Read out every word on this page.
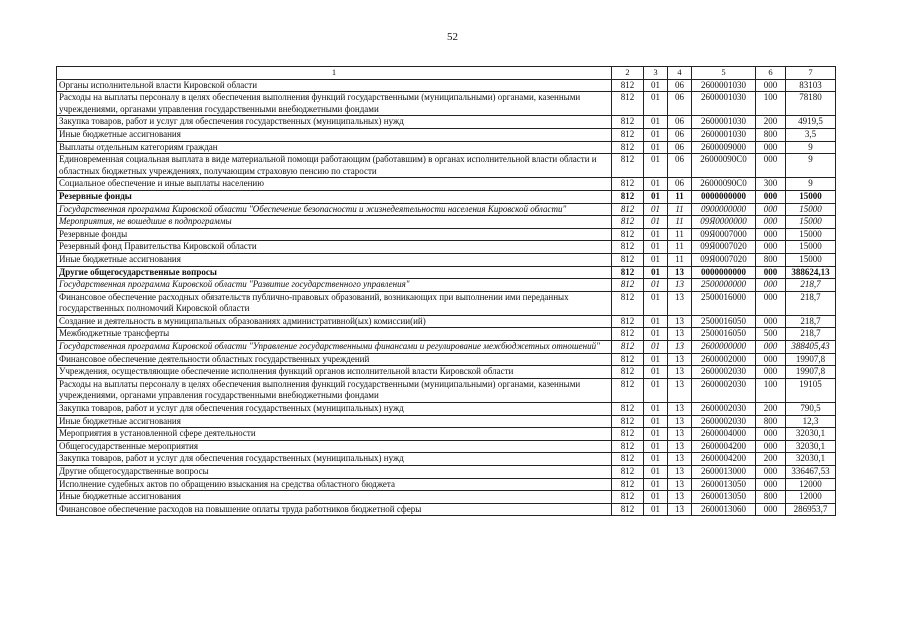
52
1	2	3	4	5	6	7
Органы исполнительной власти Кировской области	812	01	06	2600001030	000	83103
Расходы на выплаты персоналу в целях обеспечения выполнения функций государственными (муниципальными) органами, казенными учреждениями, органами управления государственными внебюджетными фондами	812	01	06	2600001030	100	78180
Закупка товаров, работ и услуг для обеспечения государственных (муниципальных) нужд	812	01	06	2600001030	200	4919,5
Иные бюджетные ассигнования	812	01	06	2600001030	800	3,5
Выплаты отдельным категориям граждан	812	01	06	2600009000	000	9
Единовременная социальная выплата в виде материальной помощи работающим (работавшим) в органах исполнительной власти области и областных бюджетных учреждениях, получающим страховую пенсию по старости	812	01	06	26000090С0	000	9
Социальное обеспечение и иные выплаты населению	812	01	06	26000090С0	300	9
Резервные фонды	812	01	11	0000000000	000	15000
Государственная программа Кировской области "Обеспечение безопасности и жизнедеятельности населения Кировской области"	812	01	11	0900000000	000	15000
Мероприятия, не вошедшие в подпрограммы	812	01	11	09Я0000000	000	15000
Резервные фонды	812	01	11	09Я0007000	000	15000
Резервный фонд Правительства Кировской области	812	01	11	09Я0007020	000	15000
Иные бюджетные ассигнования	812	01	11	09Я0007020	800	15000
Другие общегосударственные вопросы	812	01	13	0000000000	000	388624,13
Государственная программа Кировской области "Развитие государственного управления"	812	01	13	2500000000	000	218,7
Финансовое обеспечение расходных обязательств публично-правовых образований, возникающих при выполнении ими переданных государственных полномочий Кировской области	812	01	13	2500016000	000	218,7
Создание и деятельность в муниципальных образованиях административной(ых) комиссии(ий)	812	01	13	2500016050	000	218,7
Межбюджетные трансферты	812	01	13	2500016050	500	218,7
Государственная программа Кировской области "Управление государственными финансами и регулирование межбюджетных отношений"	812	01	13	2600000000	000	388405,43
Финансовое обеспечение деятельности областных государственных учреждений	812	01	13	2600002000	000	19907,8
Учреждения, осуществляющие обеспечение исполнения функций органов исполнительной власти Кировской области	812	01	13	2600002030	000	19907,8
Расходы на выплаты персоналу в целях обеспечения выполнения функций государственными (муниципальными) органами, казенными учреждениями, органами управления государственными внебюджетными фондами	812	01	13	2600002030	100	19105
Закупка товаров, работ и услуг для обеспечения государственных (муниципальных) нужд	812	01	13	2600002030	200	790,5
Иные бюджетные ассигнования	812	01	13	2600002030	800	12,3
Мероприятия в установленной сфере деятельности	812	01	13	2600004000	000	32030,1
Общегосударственные мероприятия	812	01	13	2600004200	000	32030,1
Закупка товаров, работ и услуг для обеспечения государственных (муниципальных) нужд	812	01	13	2600004200	200	32030,1
Другие общегосударственные вопросы	812	01	13	2600013000	000	336467,53
Исполнение судебных актов по обращению взыскания на средства областного бюджета	812	01	13	2600013050	000	12000
Иные бюджетные ассигнования	812	01	13	2600013050	800	12000
Финансовое обеспечение расходов на повышение оплаты труда работников бюджетной сферы	812	01	13	2600013060	000	286953,7
